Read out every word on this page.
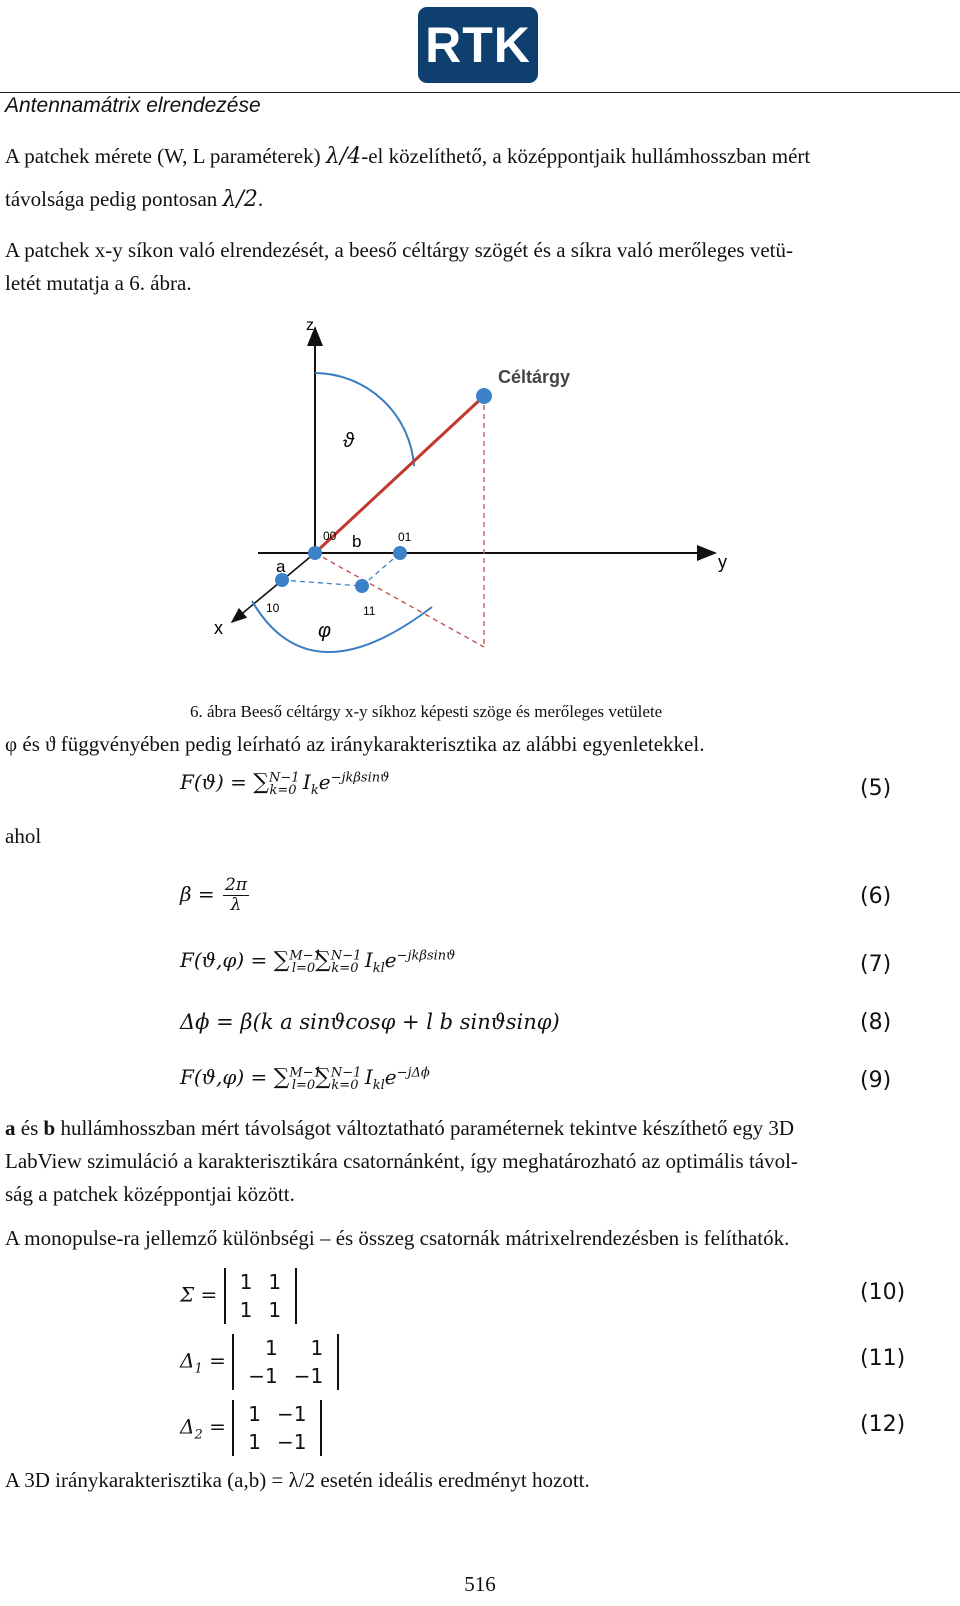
RTK
Antennamátrix elrendezése
A patchek mérete (W, L paraméterek) λ/4-el közelíthető, a középpontjaik hullámhosszban mért
távolsága pedig pontosan λ/2.
A patchek x-y síkon való elrendezését, a beeső céltárgy szögét és a síkra való merőleges vetü-
letét mutatja a 6. ábra.
z
y
x
Céltárgy
ϑ
φ
a
b
00	01
10	11
6. ábra Beeső céltárgy x-y síkhoz képesti szöge és merőleges vetülete
φ és ϑ függvényében pedig leírható az iránykarakterisztika az alábbi egyenletekkel.
F(ϑ) = ∑$^{N-1}_{k=0}$ $I_ke^{-jk\beta sinϑ}$	(5)
ahol
$\beta = \frac{2\pi}{\lambda}$	(6)
F(ϑ,φ) = ∑$^{M-1}_{l=0}$∑$^{N-1}_{k=0}$ $I_{kl}e^{-jk\beta sinϑ}$	(7)
Δϕ = β(k a sinϑcosφ + l b sinϑsinφ)	(8)
F(ϑ,φ) = ∑$^{M-1}_{l=0}$∑$^{N-1}_{k=0}$ $I_{kl}e^{-j\Delta\phi}$	(9)
a és b hullámhosszban mért távolságot változtatható paraméternek tekintve készíthető egy 3D
LabView szimuláció a karakterisztikára csatornánként, így meghatározható az optimális távol-
ság a patchek középpontjai között.
A monopulse-ra jellemző különbségi – és összeg csatornák mátrixelrendezésben is felíthatók.
Σ =
1	1
1	1
(10)
$\Delta_1$ =
1	1
−1	−1
(11)
$\Delta_2$ =
1	−1
1	−1
(12)
A 3D iránykarakterisztika (a,b) = λ/2 esetén ideális eredményt hozott.
516
